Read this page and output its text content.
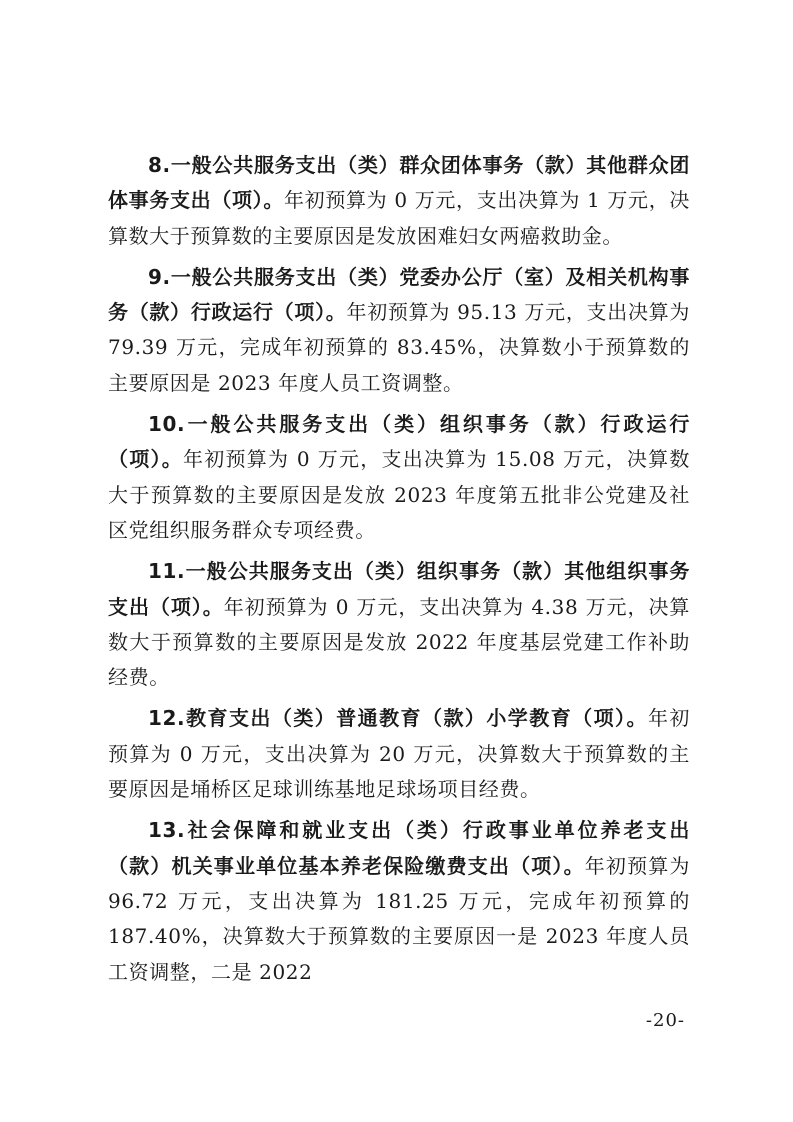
8.一般公共服务支出（类）群众团体事务（款）其他群众团体事务支出（项）。年初预算为 0 万元，支出决算为 1 万元，决算数大于预算数的主要原因是发放困难妇女两癌救助金。

9.一般公共服务支出（类）党委办公厅（室）及相关机构事务（款）行政运行（项）。年初预算为 95.13 万元，支出决算为 79.39 万元，完成年初预算的 83.45%，决算数小于预算数的主要原因是 2023 年度人员工资调整。

10.一般公共服务支出（类）组织事务（款）行政运行（项）。年初预算为 0 万元，支出决算为 15.08 万元，决算数大于预算数的主要原因是发放 2023 年度第五批非公党建及社区党组织服务群众专项经费。

11.一般公共服务支出（类）组织事务（款）其他组织事务支出（项）。年初预算为 0 万元，支出决算为 4.38 万元，决算数大于预算数的主要原因是发放 2022 年度基层党建工作补助经费。

12.教育支出（类）普通教育（款）小学教育（项）。年初预算为 0 万元，支出决算为 20 万元，决算数大于预算数的主要原因是埇桥区足球训练基地足球场项目经费。

13.社会保障和就业支出（类）行政事业单位养老支出（款）机关事业单位基本养老保险缴费支出（项）。年初预算为 96.72 万元，支出决算为 181.25 万元，完成年初预算的 187.40%，决算数大于预算数的主要原因一是 2023 年度人员工资调整，二是 2022

-20-
